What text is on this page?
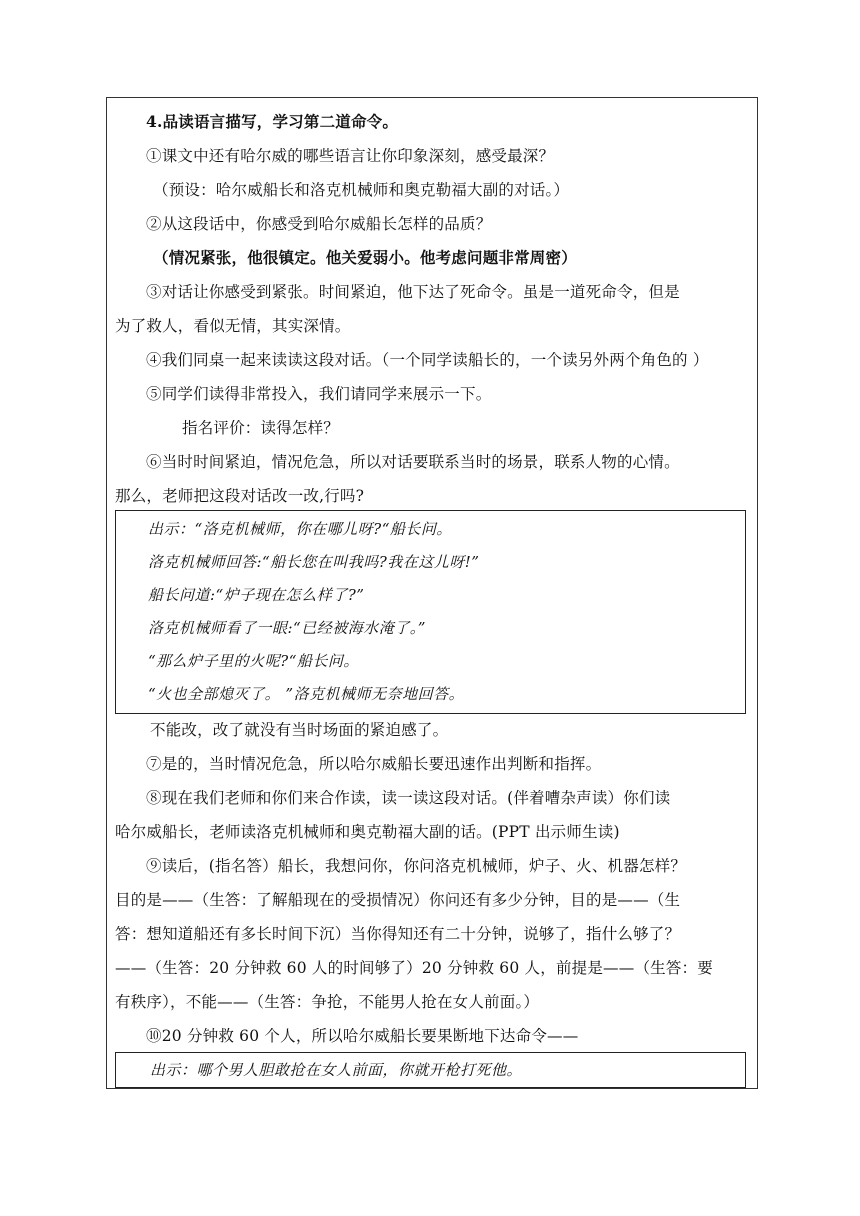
4.品读语言描写，学习第二道命令。
①课文中还有哈尔威的哪些语言让你印象深刻，感受最深？
（预设：哈尔威船长和洛克机械师和奥克勒福大副的对话。）
②从这段话中，你感受到哈尔威船长怎样的品质？
（情况紧张，他很镇定。他关爱弱小。他考虑问题非常周密）
③对话让你感受到紧张。时间紧迫，他下达了死命令。虽是一道死命令，但是
为了救人，看似无情，其实深情。
④我们同桌一起来读读这段对话。（一个同学读船长的，一个读另外两个角色的 ）
⑤同学们读得非常投入，我们请同学来展示一下。
指名评价：读得怎样？
⑥当时时间紧迫，情况危急，所以对话要联系当时的场景，联系人物的心情。
那么，老师把这段对话改一改,行吗?
出示：“洛克机械师，你在哪儿呀?“船长问。
洛克机械师回答:“船长您在叫我吗?我在这儿呀!”
船长问道:“炉子现在怎么样了?”
洛克机械师看了一眼:“已经被海水淹了。”
“那么炉子里的火呢?“船长问。
“火也全部熄灭了。 ”洛克机械师无奈地回答。
不能改，改了就没有当时场面的紧迫感了。
⑦是的，当时情况危急，所以哈尔威船长要迅速作出判断和指挥。
⑧现在我们老师和你们来合作读，读一读这段对话。(伴着嘈杂声读）你们读
哈尔威船长，老师读洛克机械师和奥克勒福大副的话。(PPT 出示师生读)
⑨读后，(指名答）船长，我想问你，你问洛克机械师，炉子、火、机器怎样？
目的是——（生答：了解船现在的受损情况）你问还有多少分钟，目的是——（生
答：想知道船还有多长时间下沉）当你得知还有二十分钟，说够了，指什么够了？
——（生答：20 分钟救 60 人的时间够了）20 分钟救 60 人，前提是——（生答：要
有秩序），不能——（生答：争抢，不能男人抢在女人前面。）
⑩20 分钟救 60 个人，所以哈尔威船长要果断地下达命令——
出示：哪个男人胆敢抢在女人前面，你就开枪打死他。
